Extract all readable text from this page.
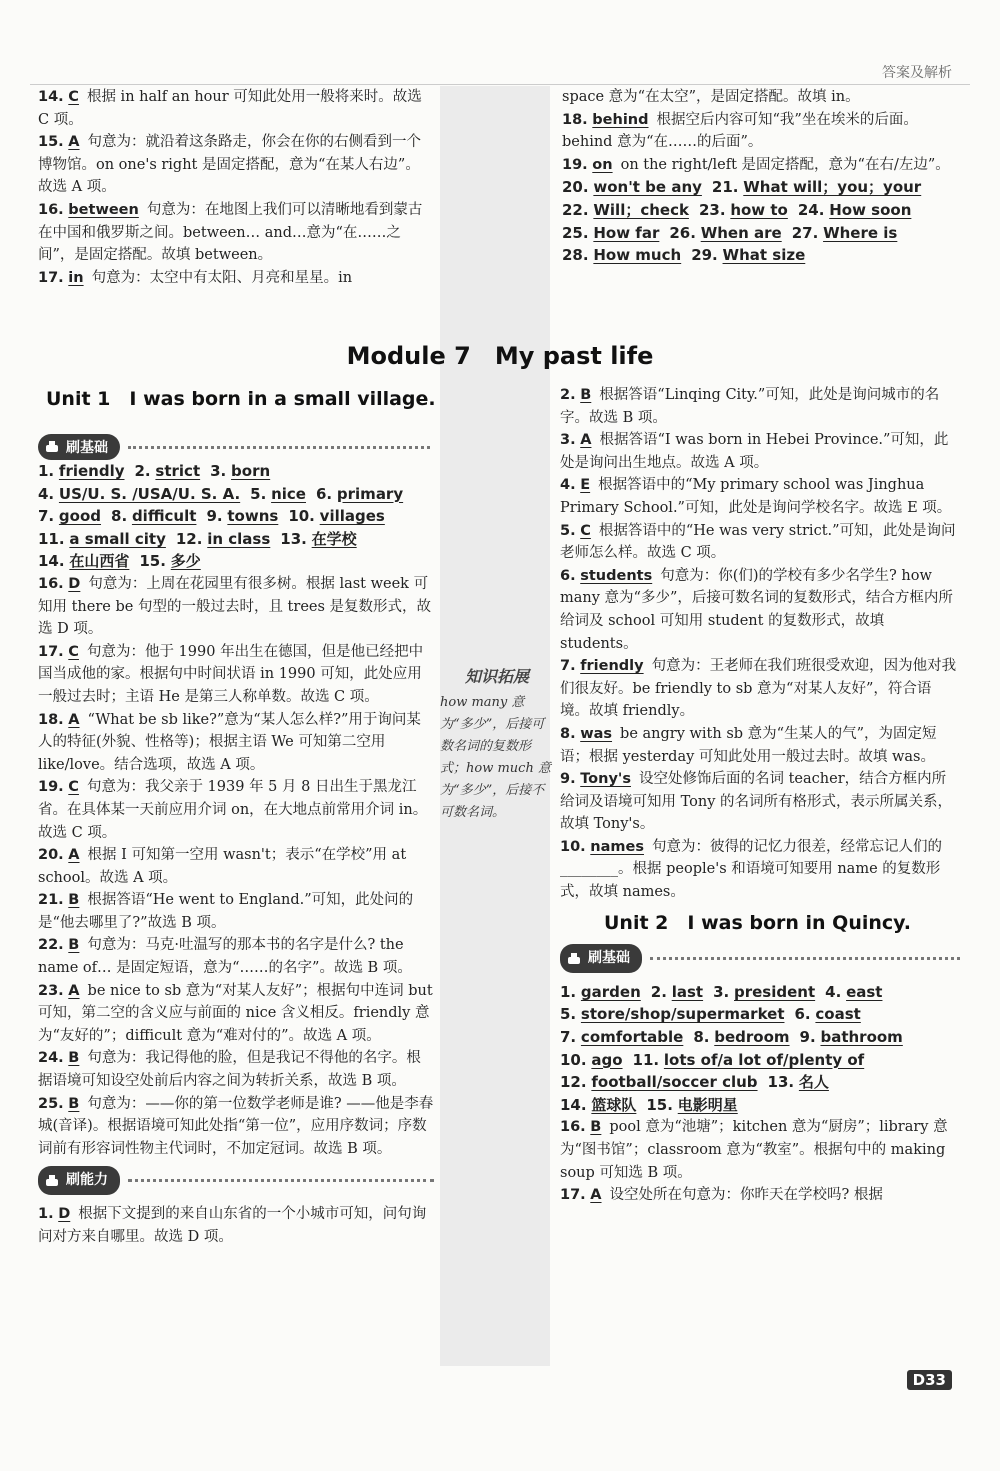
答案及解析

14. C 根据 in half an hour 可知此处用一般将来时。故选 C 项。

15. A 句意为：就沿着这条路走，你会在你的右侧看到一个博物馆。on one's right 是固定搭配，意为“在某人右边”。故选 A 项。

16. between 句意为：在地图上我们可以清晰地看到蒙古在中国和俄罗斯之间。between… and…意为“在……之间”，是固定搭配。故填 between。

17. in 句意为：太空中有太阳、月亮和星星。in

space 意为“在太空”，是固定搭配。故填 in。

18. behind 根据空后内容可知“我”坐在埃米的后面。behind 意为“在……的后面”。

19. on on the right/left 是固定搭配，意为“在右/左边”。

20. won't be any 21. What will；you；your
22. Will；check 23. how to 24. How soon
25. How far 26. When are 27. Where is
28. How much 29. What size
Module 7　My past life
Unit 1　I was born in a small village.
刷基础
1. friendly 2. strict 3. born
4. US/U. S. /USA/U. S. A. 5. nice 6. primary
7. good 8. difficult 9. towns 10. villages
11. a small city 12. in class 13. 在学校
14. 在山西省 15. 多少

16. D 句意为：上周在花园里有很多树。根据 last week 可知用 there be 句型的一般过去时，且 trees 是复数形式，故选 D 项。

17. C 句意为：他于 1990 年出生在德国，但是他已经把中国当成他的家。根据句中时间状语 in 1990 可知，此处应用一般过去时；主语 He 是第三人称单数。故选 C 项。

18. A “What be sb like?”意为“某人怎么样?”用于询问某人的特征(外貌、性格等)；根据主语 We 可知第二空用 like/love。结合选项，故选 A 项。

19. C 句意为：我父亲于 1939 年 5 月 8 日出生于黑龙江省。在具体某一天前应用介词 on，在大地点前常用介词 in。故选 C 项。

20. A 根据 I 可知第一空用 wasn't；表示“在学校”用 at school。故选 A 项。

21. B 根据答语“He went to England.”可知，此处问的是“他去哪里了?”故选 B 项。

22. B 句意为：马克·吐温写的那本书的名字是什么? the name of… 是固定短语，意为“……的名字”。故选 B 项。

23. A be nice to sb 意为“对某人友好”；根据句中连词 but 可知，第二空的含义应与前面的 nice 含义相反。friendly 意为“友好的”；difficult 意为“难对付的”。故选 A 项。

24. B 句意为：我记得他的脸，但是我记不得他的名字。根据语境可知设空处前后内容之间为转折关系，故选 B 项。

25. B 句意为：——你的第一位数学老师是谁? ——他是李春城(音译)。根据语境可知此处指“第一位”，应用序数词；序数词前有形容词性物主代词时，不加定冠词。故选 B 项。

刷能力

1. D 根据下文提到的来自山东省的一个小城市可知，问句询问对方来自哪里。故选 D 项。

2. B 根据答语“Linqing City.”可知，此处是询问城市的名字。故选 B 项。

3. A 根据答语“I was born in Hebei Province.”可知，此处是询问出生地点。故选 A 项。

4. E 根据答语中的“My primary school was Jinghua Primary School.”可知，此处是询问学校名字。故选 E 项。

5. C 根据答语中的“He was very strict.”可知，此处是询问老师怎么样。故选 C 项。

6. students 句意为：你(们)的学校有多少名学生? how many 意为“多少”，后接可数名词的复数形式，结合方框内所给词及 school 可知用 student 的复数形式，故填 students。

7. friendly 句意为：王老师在我们班很受欢迎，因为他对我们很友好。be friendly to sb 意为“对某人友好”，符合语境。故填 friendly。

8. was be angry with sb 意为“生某人的气”，为固定短语；根据 yesterday 可知此处用一般过去时。故填 was。

9. Tony's 设空处修饰后面的名词 teacher，结合方框内所给词及语境可知用 Tony 的名词所有格形式，表示所属关系，故填 Tony's。

10. names 句意为：彼得的记忆力很差，经常忘记人们的________。根据 people's 和语境可知要用 name 的复数形式，故填 names。

Unit 2　I was born in Quincy.
刷基础
1. garden 2. last 3. president 4. east
5. store/shop/supermarket 6. coast
7. comfortable 8. bedroom 9. bathroom
10. ago 11. lots of/a lot of/plenty of
12. football/soccer club 13. 名人
14. 篮球队 15. 电影明星

16. B pool 意为“池塘”；kitchen 意为“厨房”；library 意为“图书馆”；classroom 意为“教室”。根据句中的 making soup 可知选 B 项。

17. A 设空处所在句意为：你昨天在学校吗? 根据

知识拓展
how many 意为“多少”，后接可数名词的复数形式；how much 意为“多少”，后接不可数名词。
D33
